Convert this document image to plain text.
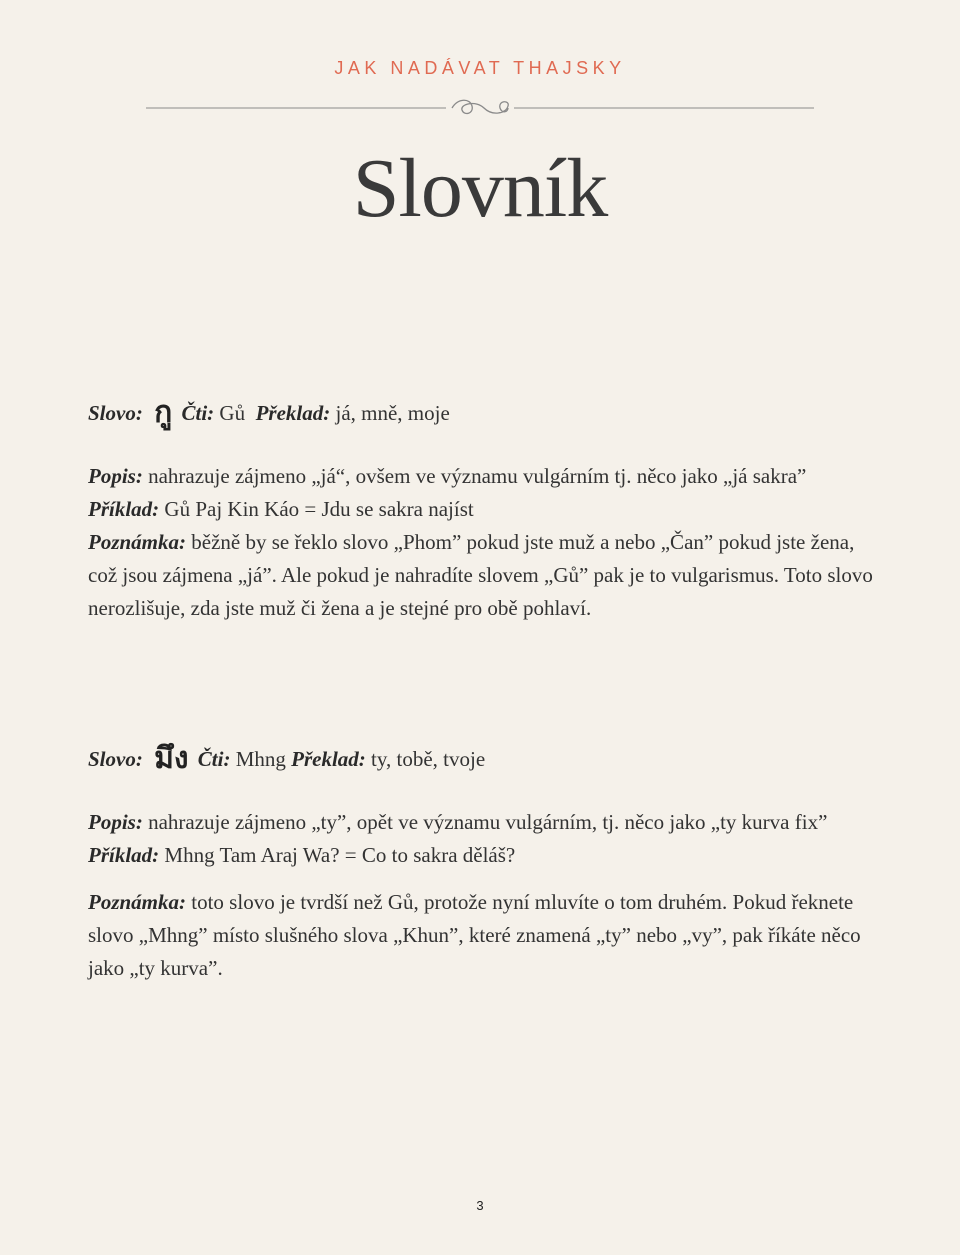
JAK NADÁVAT THAJSKY
Slovník

Slovo: กู Čti: Gů Překlad: já, mně, moje

Popis: nahrazuje zájmeno „já“, ovšem ve významu vulgárním tj. něco jako „já sakra”

Příklad: Gů Paj Kin Káo = Jdu se sakra najíst

Poznámka: běžně by se řeklo slovo „Phom” pokud jste muž a nebo „Čan” pokud jste žena, což jsou zájmena „já”. Ale pokud je nahradíte slovem „Gů” pak je to vulgarismus. Toto slovo nerozlišuje, zda jste muž či žena a je stejné pro obě pohlaví.

Slovo: มึง Čti: Mhng Překlad: ty, tobě, tvoje

Popis: nahrazuje zájmeno „ty”, opět ve významu vulgárním, tj. něco jako „ty kurva fix”

Příklad: Mhng Tam Araj Wa? = Co to sakra děláš?

Poznámka: toto slovo je tvrdší než Gů, protože nyní mluvíte o tom druhém. Pokud řeknete slovo „Mhng” místo slušného slova „Khun”, které znamená „ty” nebo „vy”, pak říkáte něco jako „ty kurva”.

3
